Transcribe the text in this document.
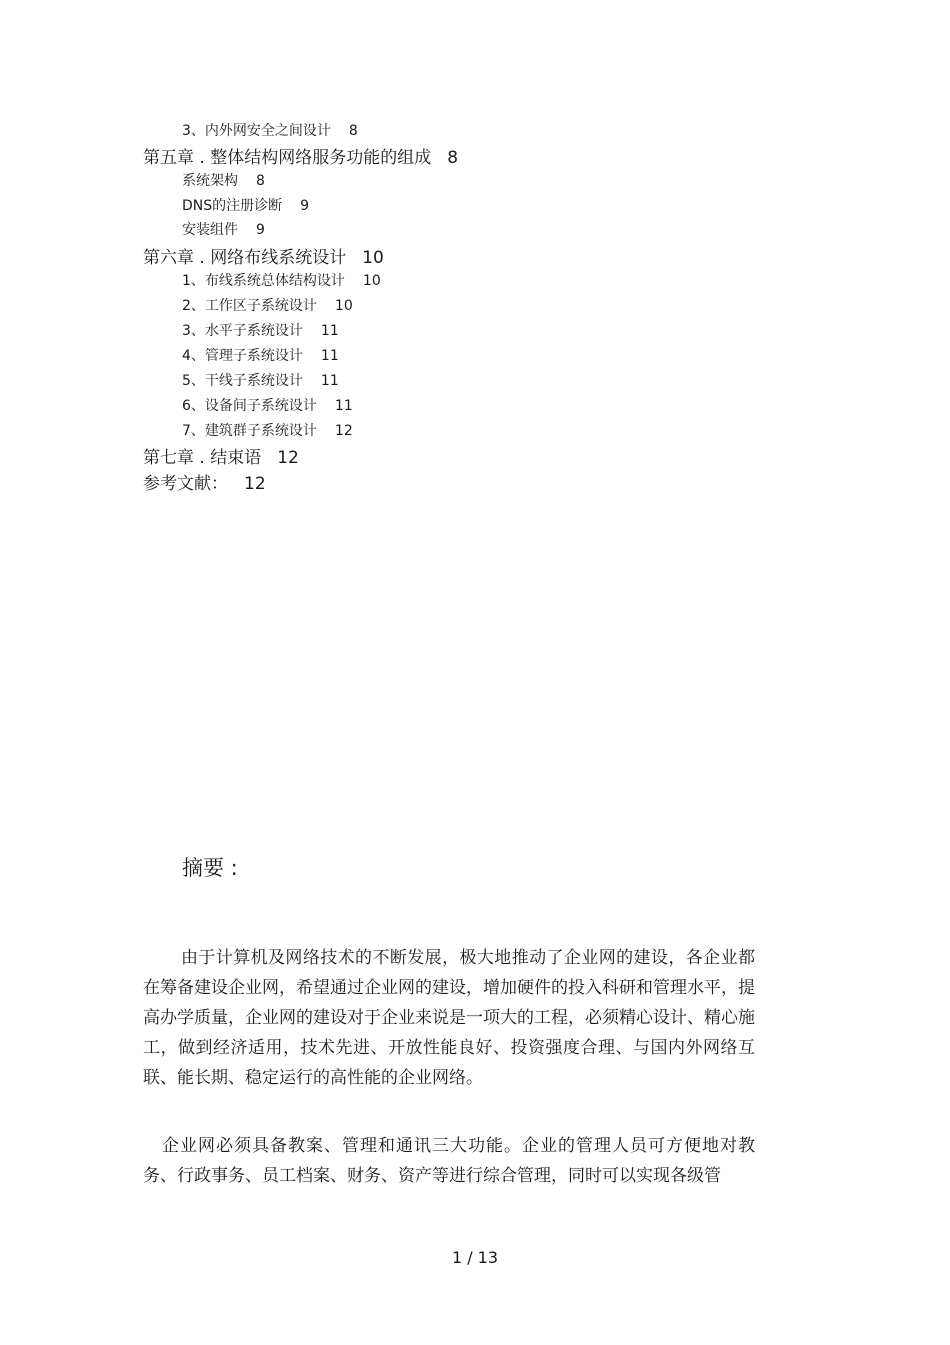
3、内外网安全之间设计 8
第五章 . 整体结构网络服务功能的组成 8
系统架构 8
DNS的注册诊断 9
安装组件 9
第六章 . 网络布线系统设计 10
1、布线系统总体结构设计 10
2、工作区子系统设计 10
3、水平子系统设计 11
4、管理子系统设计 11
5、干线子系统设计 11
6、设备间子系统设计 11
7、建筑群子系统设计 12
第七章 . 结束语 12
参考文献： 12
摘要 :

由于计算机及网络技术的不断发展，极大地推动了企业网的建设，各企业都在筹备建设企业网，希望通过企业网的建设，增加硬件的投入科研和管理水平，提高办学质量，企业网的建设对于企业来说是一项大的工程，必须精心设计、精心施工，做到经济适用，技术先进、开放性能良好、投资强度合理、与国内外网络互联、能长期、稳定运行的高性能的企业网络。

企业网必须具备教案、管理和通讯三大功能。企业的管理人员可方便地对教务、行政事务、员工档案、财务、资产等进行综合管理，同时可以实现各级管

1 / 13
